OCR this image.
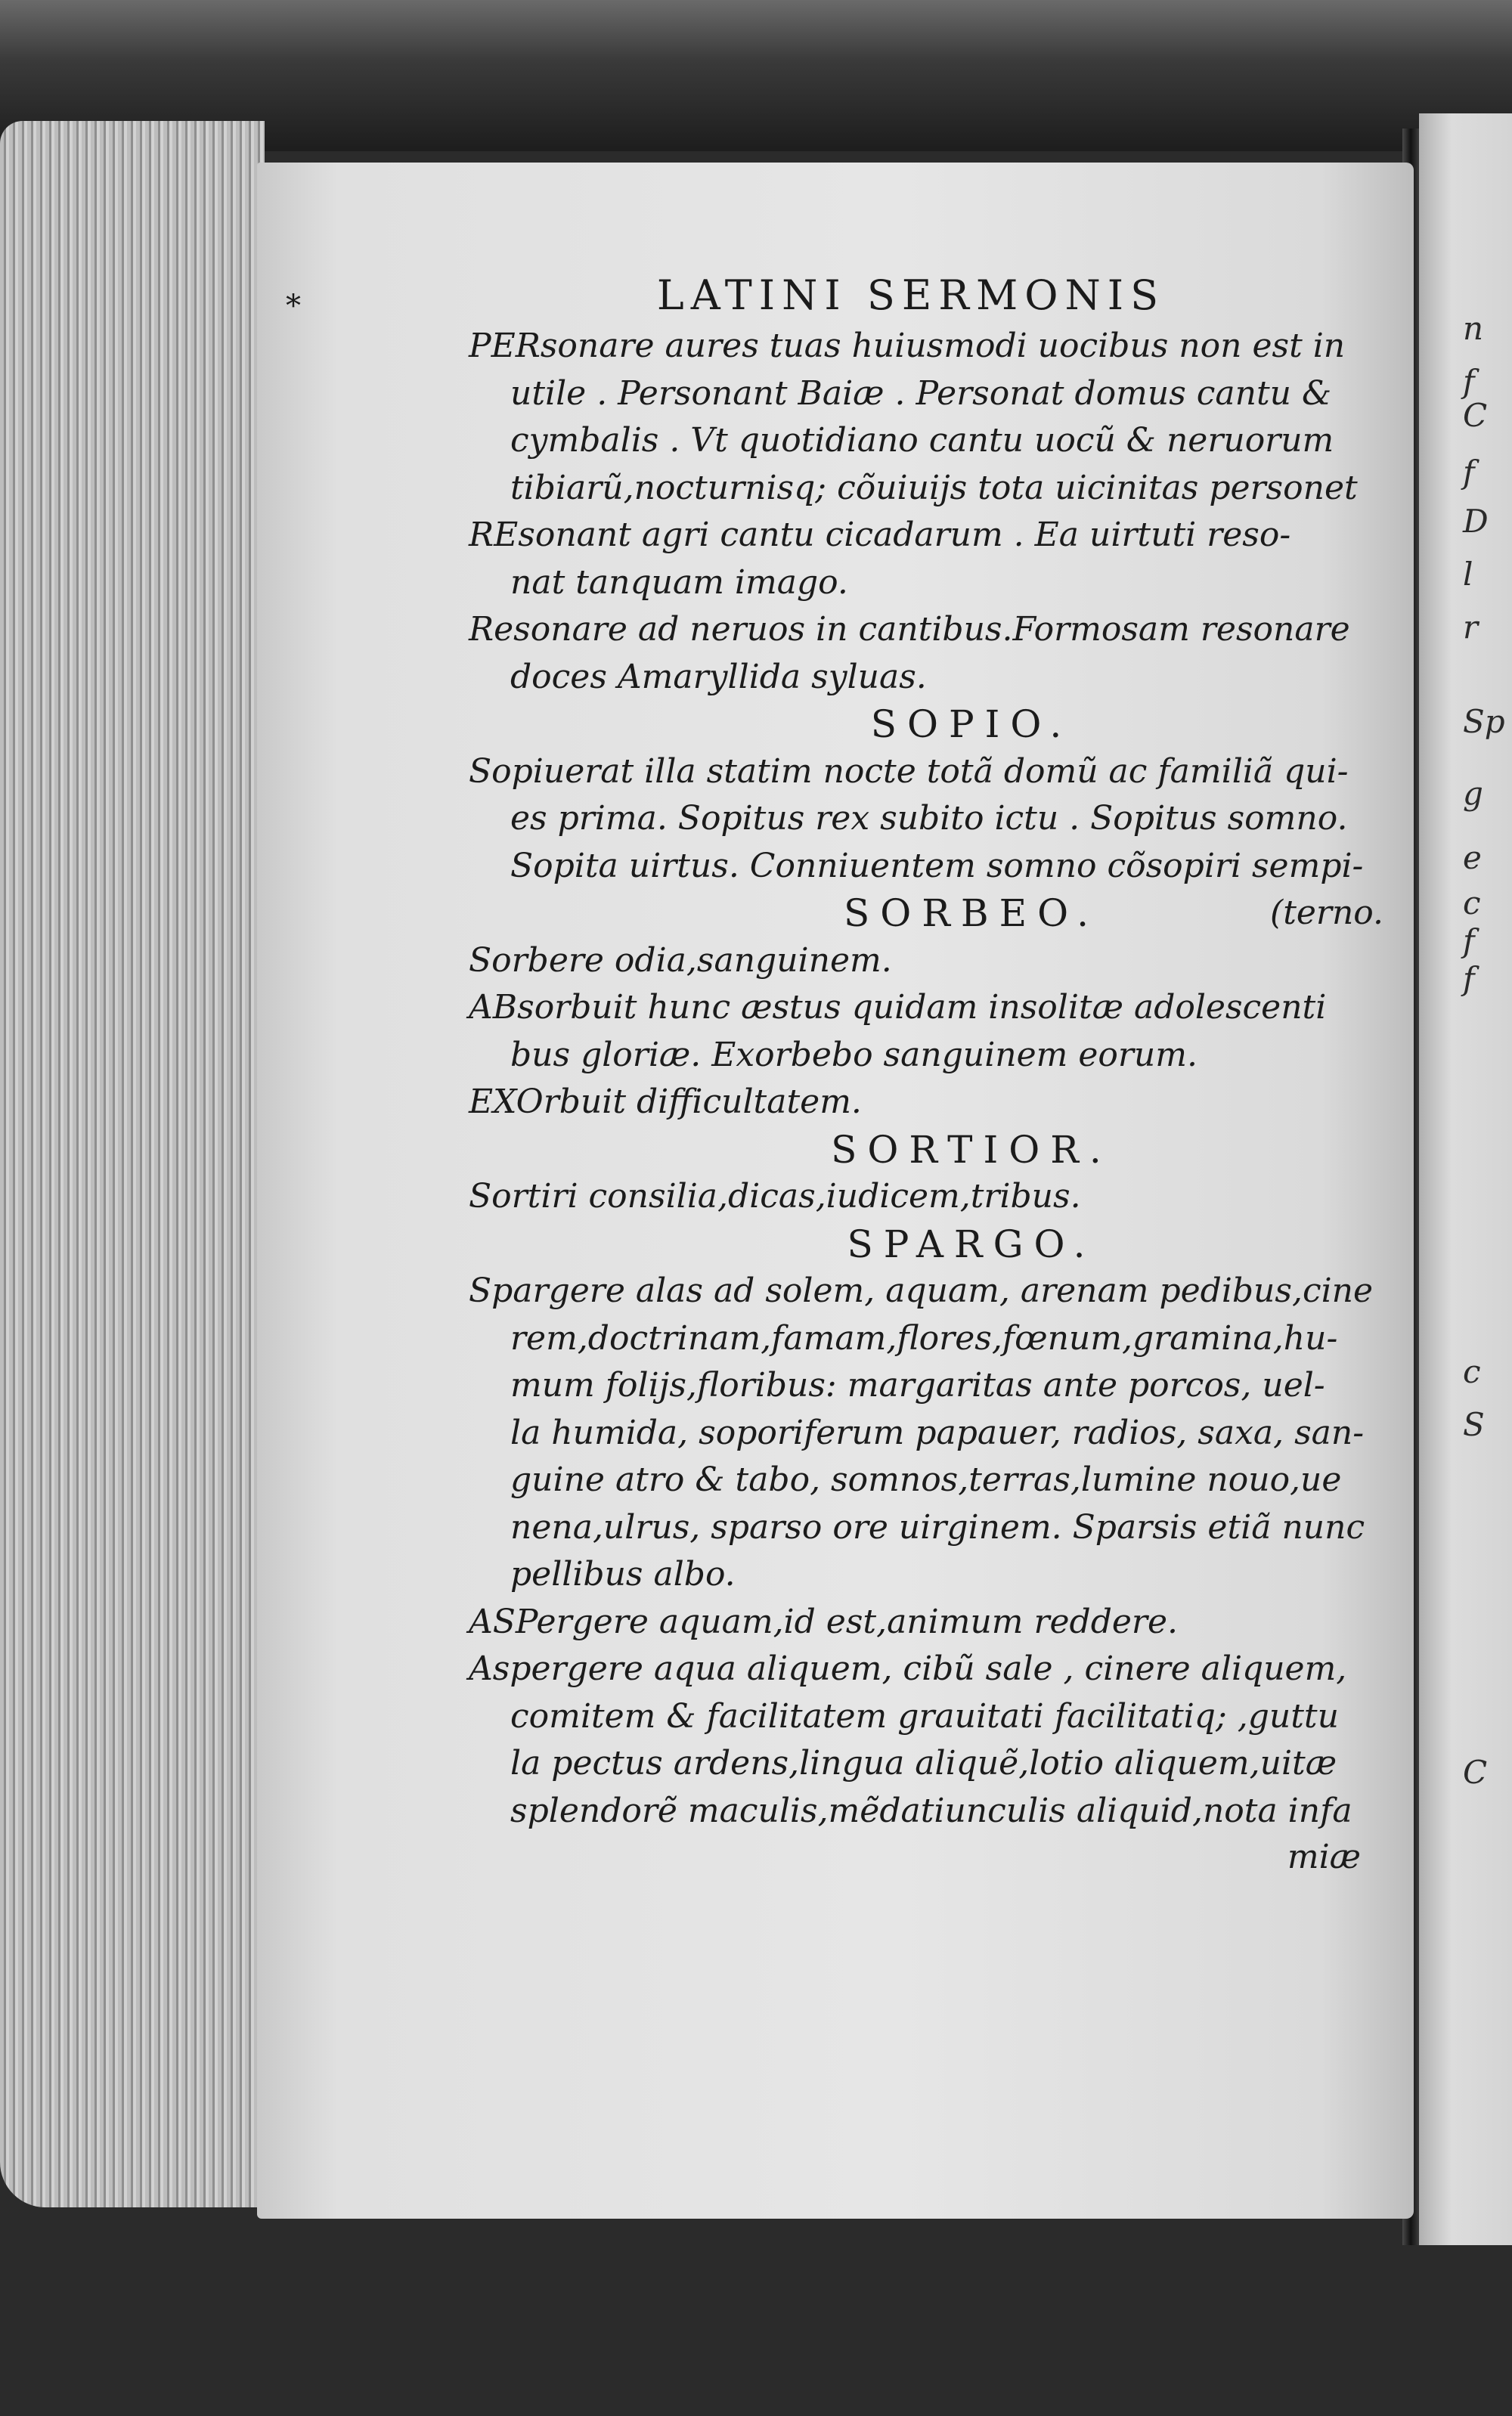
*	LATINI SERMONIS
PERsonare aures tuas huiusmodi uocibus non est in
utile . Personant Baiæ . Personat domus cantu &
cymbalis . Vt quotidiano cantu uocũ & neruorum
tibiarũ,nocturnisq; cõuiuijs tota uicinitas personet
REsonant agri cantu cicadarum . Ea uirtuti reso-
nat tanquam imago.
Resonare ad neruos in cantibus.Formosam resonare
doces Amaryllida syluas.
SOPIO.
Sopiuerat illa statim nocte totã domũ ac familiã qui-
es prima. Sopitus rex subito ictu . Sopitus somno.
Sopita uirtus. Conniuentem somno cõsopiri sempi-
SORBEO.	(terno.
Sorbere odia,sanguinem.
ABsorbuit hunc æstus quidam insolitæ adolescenti
bus gloriæ. Exorbebo sanguinem eorum.
EXOrbuit difficultatem.
SORTIOR.
Sortiri consilia,dicas,iudicem,tribus.
SPARGO.
Spargere alas ad solem, aquam, arenam pedibus,cine
rem,doctrinam,famam,flores,fœnum,gramina,hu-
mum folijs,floribus: margaritas ante porcos, uel-
la humida, soporiferum papauer, radios, saxa, san-
guine atro & tabo, somnos,terras,lumine nouo,ue
nena,ulrus, sparso ore uirginem. Sparsis etiã nunc
pellibus albo.
ASPergere aquam,id est,animum reddere.
Aspergere aqua aliquem, cibũ sale , cinere aliquem,
comitem & facilitatem grauitati facilitatiq; ,guttu
la pectus ardens,lingua aliquẽ,lotio aliquem,uitæ
splendorẽ maculis,mẽdatiunculis aliquid,nota infa
miæ
n
f
C
f
D
l
r
Sp
g
e
c
f
f
c
S
C
